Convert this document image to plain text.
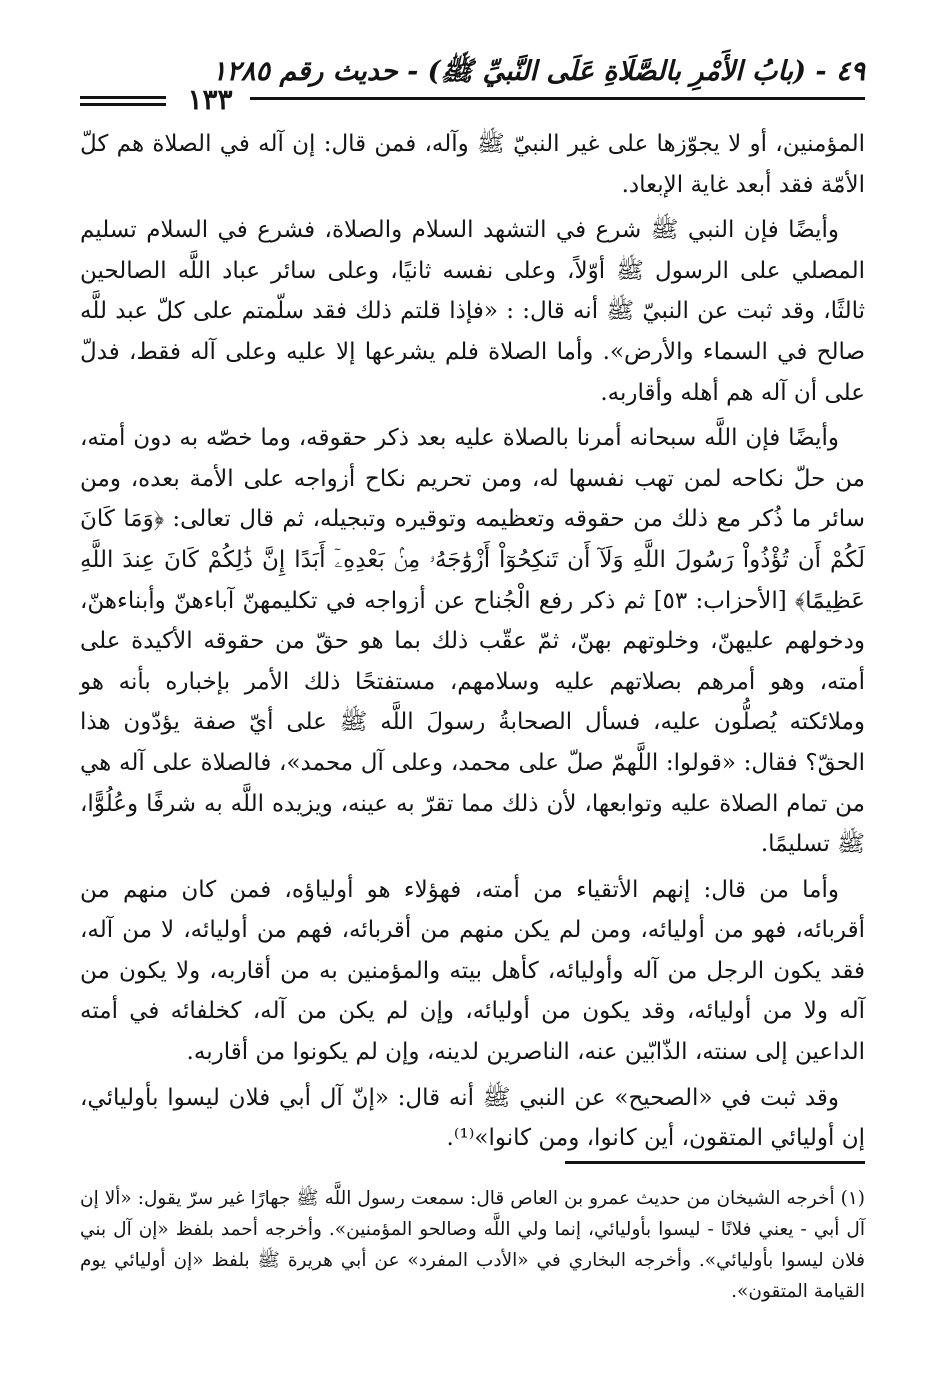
٤٩ - (بابُ الأَمْرِ بالصَّلَاةِ عَلَى النَّبيِّ ﷺ) - حديث رقم ١٢٨٥
١٣٣

المؤمنين، أو لا يجوّزها على غير النبيّ ﷺ وآله، فمن قال: إن آله في الصلاة هم كلّ الأمّة فقد أبعد غاية الإبعاد.

وأيضًا فإن النبي ﷺ شرع في التشهد السلام والصلاة، فشرع في السلام تسليم المصلي على الرسول ﷺ أوّلاً، وعلى نفسه ثانيًا، وعلى سائر عباد اللَّه الصالحين ثالثًا، وقد ثبت عن النبيّ ﷺ أنه قال: : «فإذا قلتم ذلك فقد سلّمتم على كلّ عبد للَّه صالح في السماء والأرض». وأما الصلاة فلم يشرعها إلا عليه وعلى آله فقط، فدلّ على أن آله هم أهله وأقاربه.

وأيضًا فإن اللَّه سبحانه أمرنا بالصلاة عليه بعد ذكر حقوقه، وما خصّه به دون أمته، من حلّ نكاحه لمن تهب نفسها له، ومن تحريم نكاح أزواجه على الأمة بعده، ومن سائر ما ذُكر مع ذلك من حقوقه وتعظيمه وتوقيره وتبجيله، ثم قال تعالى: ﴿وَمَا كَانَ لَكُمْ أَن تُؤْذُواْ رَسُولَ اللَّهِ وَلَآ أَن تَنكِحُوٓاْ أَزْوَٰجَهُۥ مِنۢ بَعْدِهِۦٓ أَبَدًا إِنَّ ذَٰلِكُمْ كَانَ عِندَ اللَّهِ عَظِيمًا﴾ [الأحزاب: ٥٣] ثم ذكر رفع الْجُناح عن أزواجه في تكليمهنّ آباءهنّ وأبناءهنّ، ودخولهم عليهنّ، وخلوتهم بهنّ، ثمّ عقّب ذلك بما هو حقّ من حقوقه الأكيدة على أمته، وهو أمرهم بصلاتهم عليه وسلامهم، مستفتحًا ذلك الأمر بإخباره بأنه هو وملائكته يُصلُّون عليه، فسأل الصحابةُ رسولَ اللَّه ﷺ على أيّ صفة يؤدّون هذا الحقّ؟ فقال: «قولوا: اللَّهمّ صلّ على محمد، وعلى آل محمد»، فالصلاة على آله هي من تمام الصلاة عليه وتوابعها، لأن ذلك مما تقرّ به عينه، ويزيده اللَّه به شرفًا وعُلُوًّا، ﷺ تسليمًا.

وأما من قال: إنهم الأتقياء من أمته، فهؤلاء هو أولياؤه، فمن كان منهم من أقربائه، فهو من أوليائه، ومن لم يكن منهم من أقربائه، فهم من أوليائه، لا من آله، فقد يكون الرجل من آله وأوليائه، كأهل بيته والمؤمنين به من أقاربه، ولا يكون من آله ولا من أوليائه، وقد يكون من أوليائه، وإن لم يكن من آله، كخلفائه في أمته الداعين إلى سنته، الذّابّين عنه، الناصرين لدينه، وإن لم يكونوا من أقاربه.

وقد ثبت في «الصحيح» عن النبي ﷺ أنه قال: «إنّ آل أبي فلان ليسوا بأوليائي، إن أوليائي المتقون، أين كانوا، ومن كانوا»⁽¹⁾.

(١) أخرجه الشيخان من حديث عمرو بن العاص قال: سمعت رسول اللَّه ﷺ جهارًا غير سرّ يقول: «ألا إن آل أبي - يعني فلانًا - ليسوا بأوليائي، إنما ولي اللَّه وصالحو المؤمنين». وأخرجه أحمد بلفظ «إن آل بني فلان ليسوا بأوليائي». وأخرجه البخاري في «الأدب المفرد» عن أبي هريرة ﷺ بلفظ «إن أوليائي يوم القيامة المتقون».
